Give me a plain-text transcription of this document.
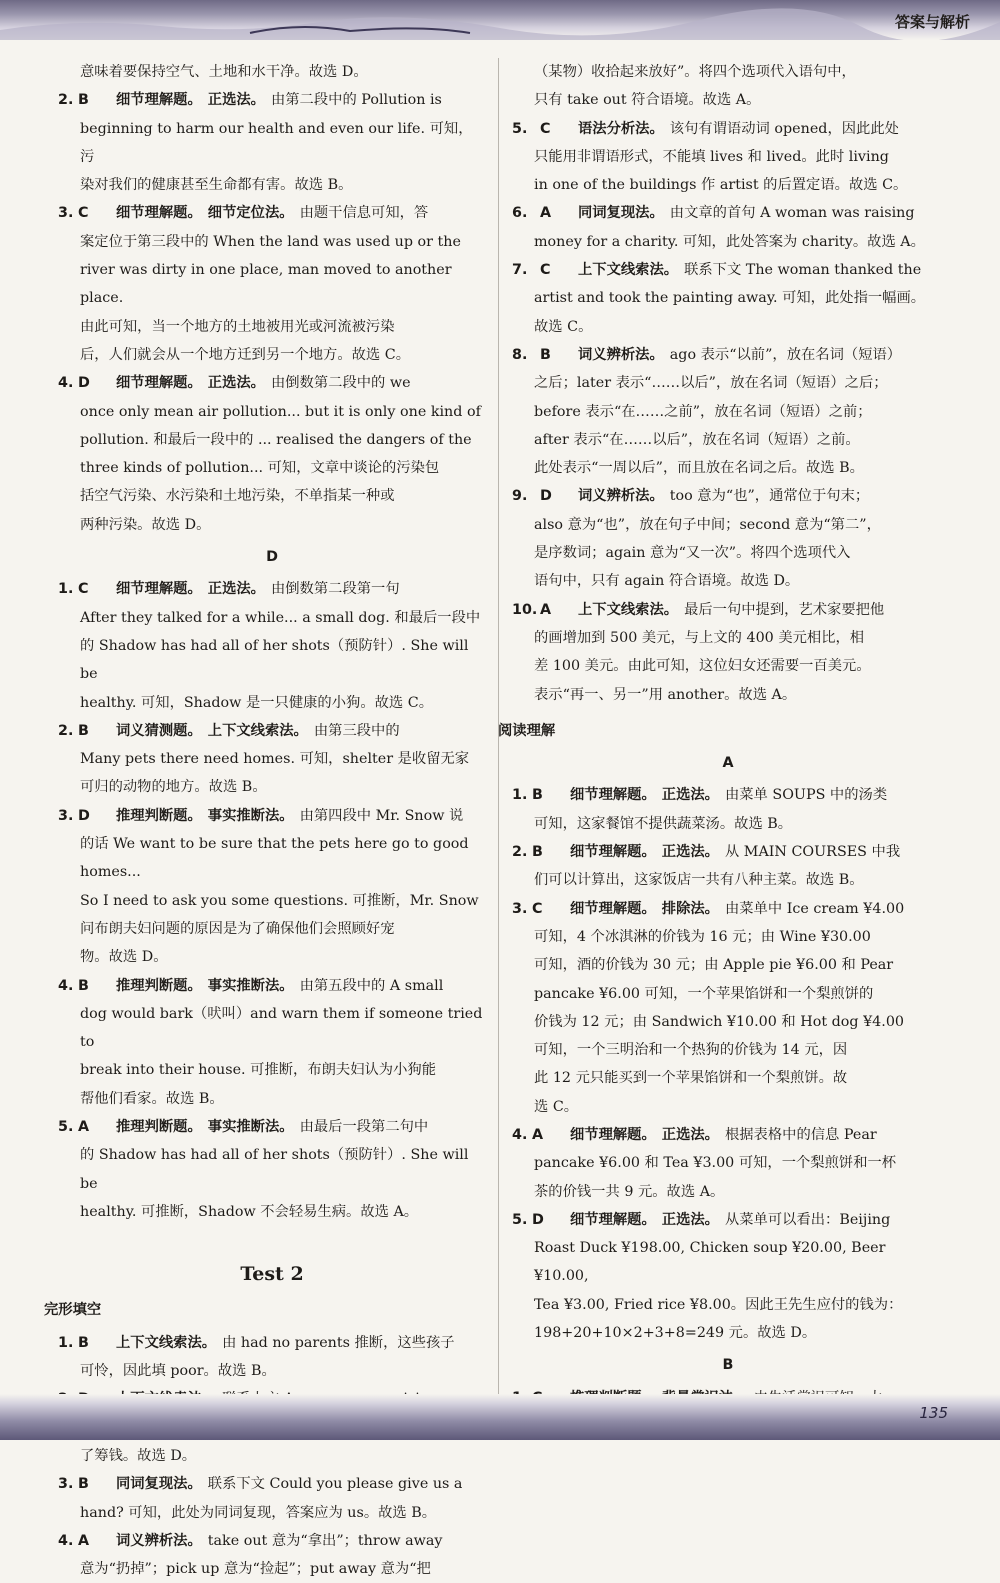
答案与解析

意味着要保持空气、土地和水干净。故选 D。

2. B 细节理解题。 正选法。 由第二段中的 Pollution is

beginning to harm our health and even our life. 可知，污

染对我们的健康甚至生命都有害。故选 B。

3. C 细节理解题。 细节定位法。 由题干信息可知，答

案定位于第三段中的 When the land was used up or the

river was dirty in one place, man moved to another place.

由此可知，当一个地方的土地被用光或河流被污染

后，人们就会从一个地方迁到另一个地方。故选 C。

4. D 细节理解题。 正选法。 由倒数第二段中的 we

once only mean air pollution... but it is only one kind of

pollution. 和最后一段中的 ... realised the dangers of the

three kinds of pollution... 可知，文章中谈论的污染包

括空气污染、水污染和土地污染，不单指某一种或

两种污染。故选 D。

D

1. C 细节理解题。 正选法。 由倒数第二段第一句

After they talked for a while... a small dog. 和最后一段中

的 Shadow has had all of her shots（预防针）. She will be

healthy. 可知，Shadow 是一只健康的小狗。故选 C。

2. B 词义猜测题。 上下文线索法。 由第三段中的

Many pets there need homes. 可知，shelter 是收留无家

可归的动物的地方。故选 B。

3. D 推理判断题。 事实推断法。 由第四段中 Mr. Snow 说

的话 We want to be sure that the pets here go to good homes...

So I need to ask you some questions. 可推断，Mr. Snow

问布朗夫妇问题的原因是为了确保他们会照顾好宠

物。故选 D。

4. B 推理判断题。 事实推断法。 由第五段中的 A small

dog would bark（吠叫）and warn them if someone tried to

break into their house. 可推断，布朗夫妇认为小狗能

帮他们看家。故选 B。

5. A 推理判断题。 事实推断法。 由最后一段第二句中

的 Shadow has had all of her shots（预防针）. She will be

healthy. 可推断，Shadow 不会轻易生病。故选 A。

Test 2
完形填空

1. B 上下文线索法。 由 had no parents 推断，这些孩子

可怜，因此填 poor。故选 B。

了筹钱。故选 D。

3. B 同词复现法。 联系下文 Could you please give us a

hand? 可知，此处为同词复现，答案应为 us。故选 B。

4. A 词义辨析法。 take out 意为“拿出”；throw away

意为“扔掉”；pick up 意为“捡起”；put away 意为“把

（某物）收拾起来放好”。将四个选项代入语句中，

只有 take out 符合语境。故选 A。

5. C 语法分析法。 该句有谓语动词 opened，因此此处

只能用非谓语形式，不能填 lives 和 lived。此时 living

in one of the buildings 作 artist 的后置定语。故选 C。

6. A 同词复现法。 由文章的首句 A woman was raising

money for a charity. 可知，此处答案为 charity。故选 A。

7. C 上下文线索法。 联系下文 The woman thanked the

artist and took the painting away. 可知，此处指一幅画。

故选 C。

8. B 词义辨析法。 ago 表示“以前”，放在名词（短语）

之后；later 表示“……以后”，放在名词（短语）之后；

before 表示“在……之前”，放在名词（短语）之前；

after 表示“在……以后”，放在名词（短语）之前。

此处表示“一周以后”，而且放在名词之后。故选 B。

9. D 词义辨析法。 too 意为“也”，通常位于句末；

also 意为“也”，放在句子中间；second 意为“第二”，

是序数词；again 意为“又一次”。将四个选项代入

语句中，只有 again 符合语境。故选 D。

10. A 上下文线索法。 最后一句中提到，艺术家要把他

的画增加到 500 美元，与上文的 400 美元相比，相

差 100 美元。由此可知，这位妇女还需要一百美元。

表示“再一、另一”用 another。故选 A。

阅读理解
A

1. B 细节理解题。 正选法。 由菜单 SOUPS 中的汤类

可知，这家餐馆不提供蔬菜汤。故选 B。

2. B 细节理解题。 正选法。 从 MAIN COURSES 中我

们可以计算出，这家饭店一共有八种主菜。故选 B。

3. C 细节理解题。 排除法。 由菜单中 Ice cream ¥4.00

可知，4 个冰淇淋的价钱为 16 元；由 Wine ¥30.00

可知，酒的价钱为 30 元；由 Apple pie ¥6.00 和 Pear

pancake ¥6.00 可知，一个苹果馅饼和一个梨煎饼的

价钱为 12 元；由 Sandwich ¥10.00 和 Hot dog ¥4.00

可知，一个三明治和一个热狗的价钱为 14 元，因

此 12 元只能买到一个苹果馅饼和一个梨煎饼。故

选 C。

4. A 细节理解题。 正选法。 根据表格中的信息 Pear

pancake ¥6.00 和 Tea ¥3.00 可知，一个梨煎饼和一杯

茶的价钱一共 9 元。故选 A。

5. D 细节理解题。 正选法。 从菜单可以看出：Beijing

Roast Duck ¥198.00, Chicken soup ¥20.00, Beer ¥10.00,

Tea ¥3.00, Fried rice ¥8.00。因此王先生应付的钱为：

198+20+10×2+3+8=249 元。故选 D。

B

135
